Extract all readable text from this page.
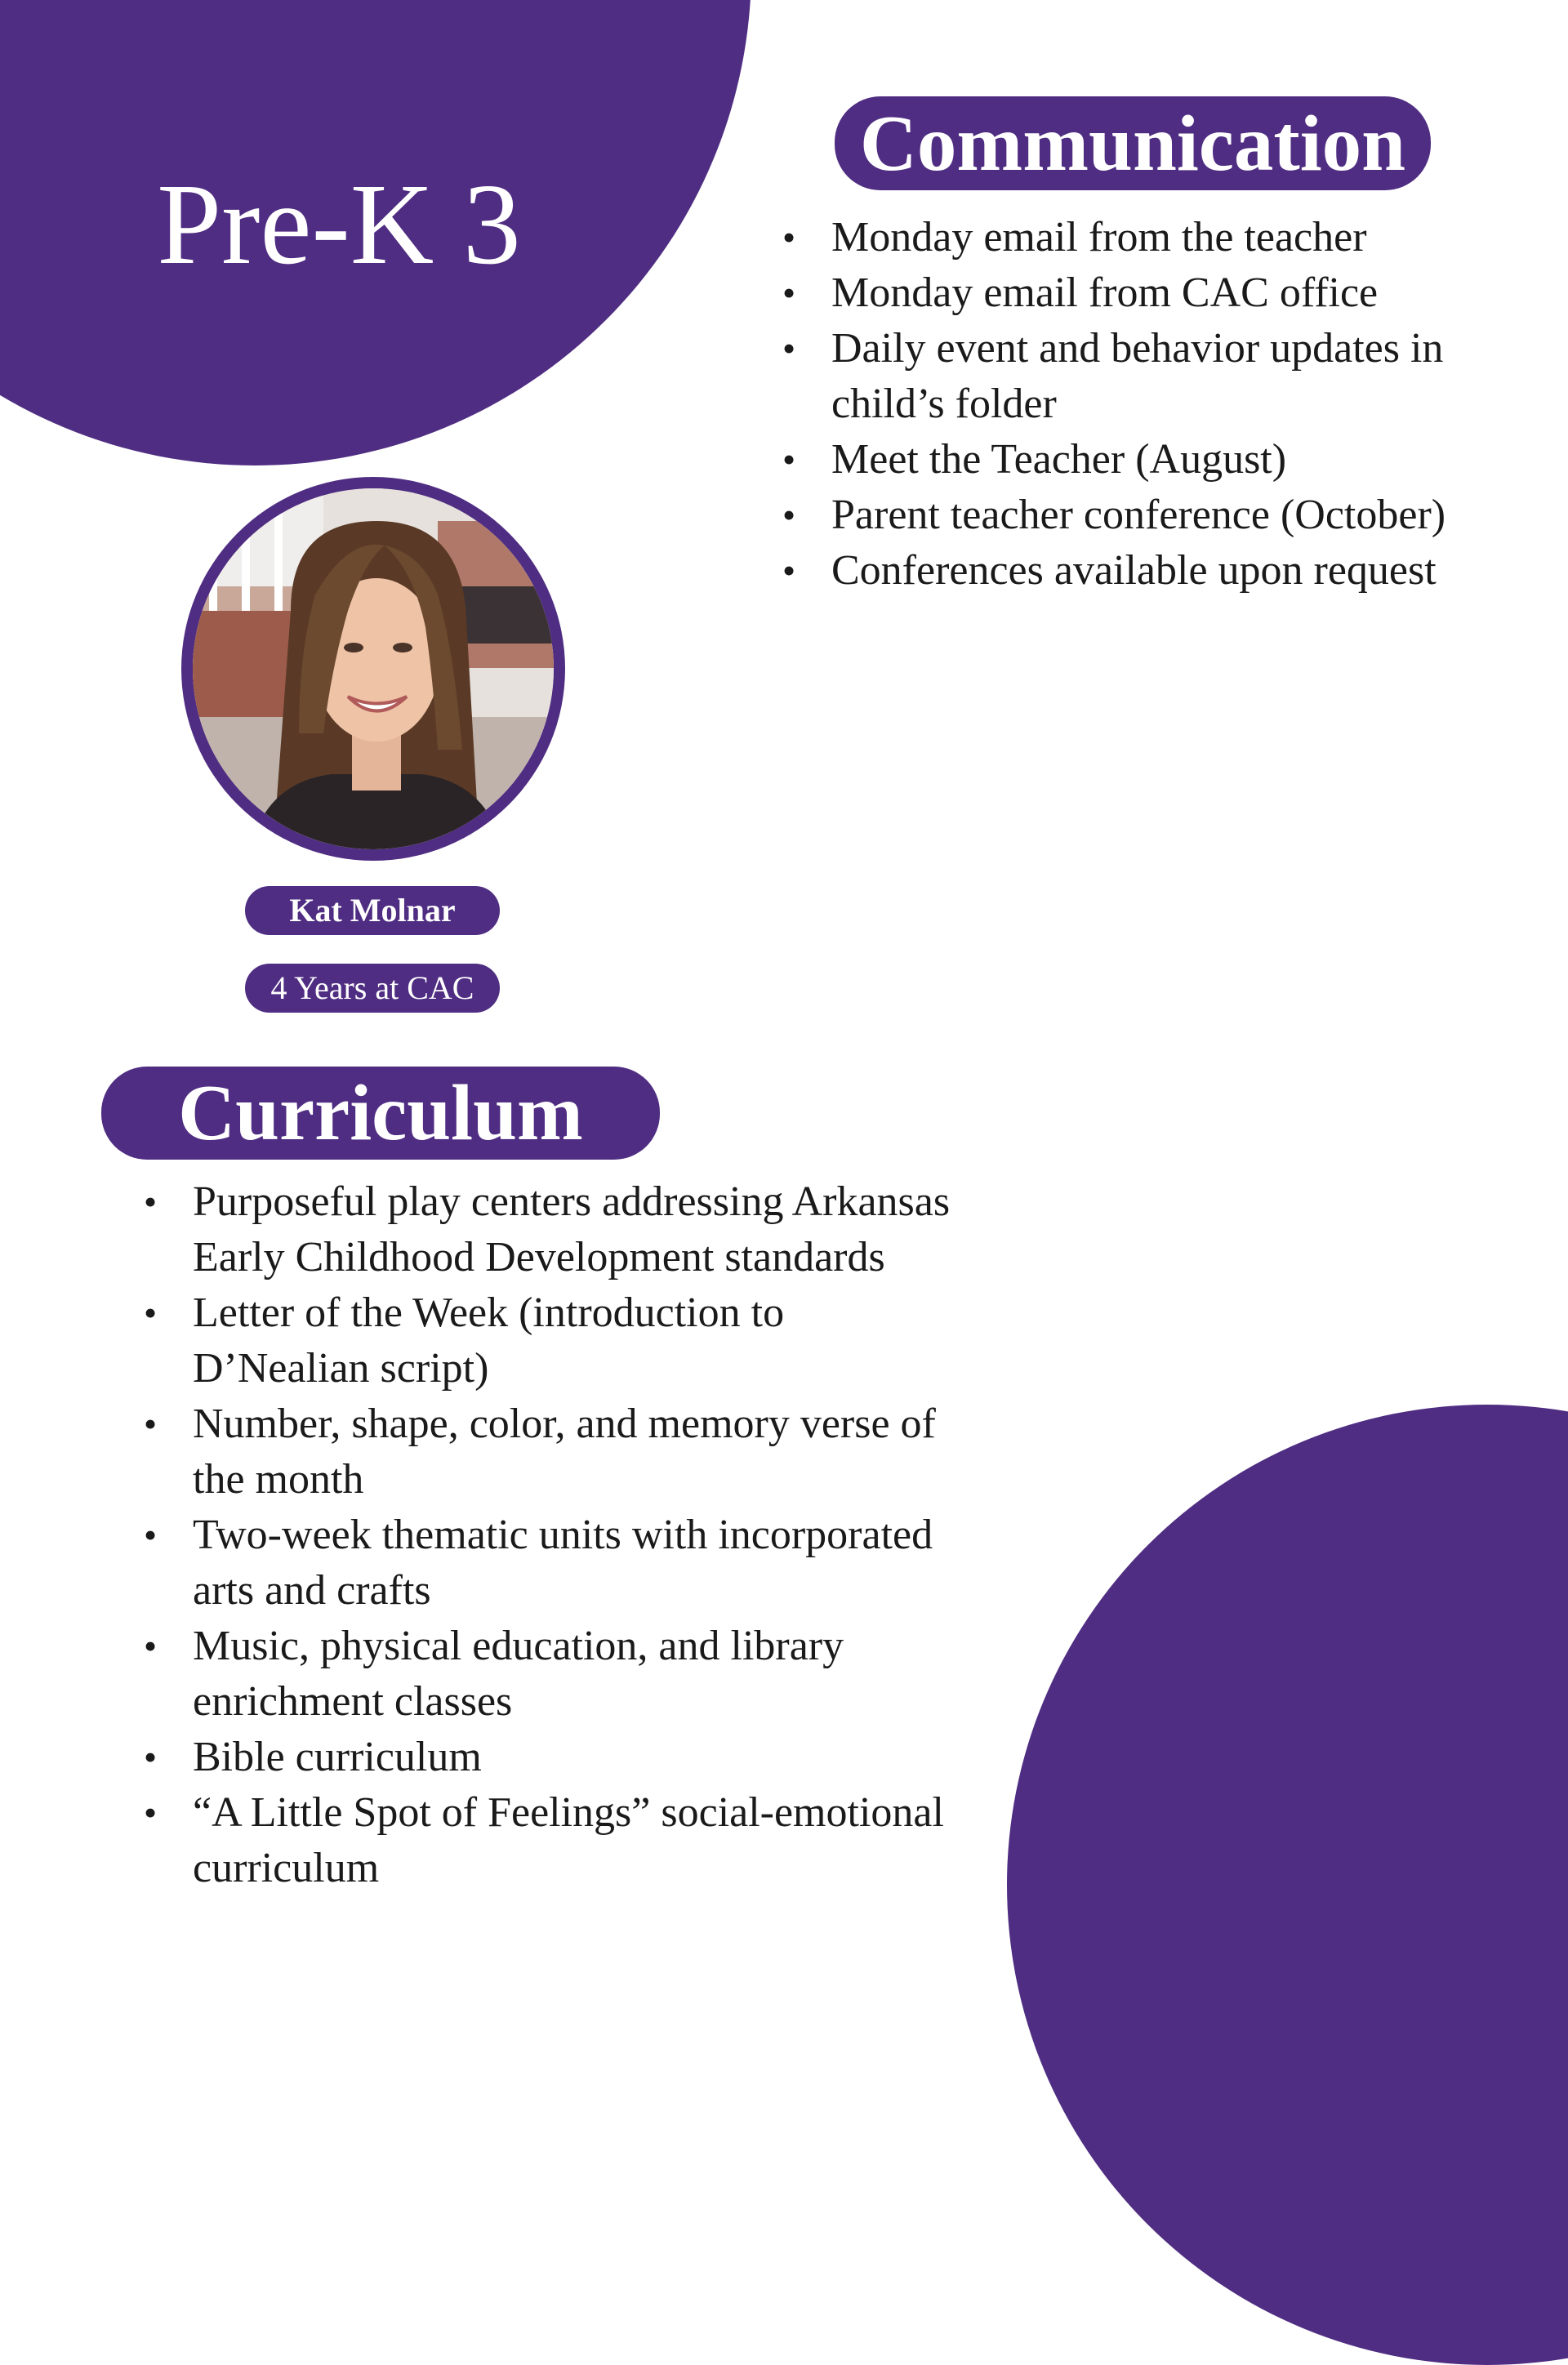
Pre-K 3
Communication
• Monday email from the teacher
• Monday email from CAC office
• Daily event and behavior updates in child’s folder
• Meet the Teacher (August)
• Parent teacher conference (October)
• Conferences available upon request
Kat Molnar
4 Years at CAC
Curriculum
• Purposeful play centers addressing Arkansas Early Childhood Development standards
• Letter of the Week (introduction to D’Nealian script)
• Number, shape, color, and memory verse of the month
• Two-week thematic units with incorporated arts and crafts
• Music, physical education, and library enrichment classes
• Bible curriculum
• “A Little Spot of Feelings” social-emotional curriculum
